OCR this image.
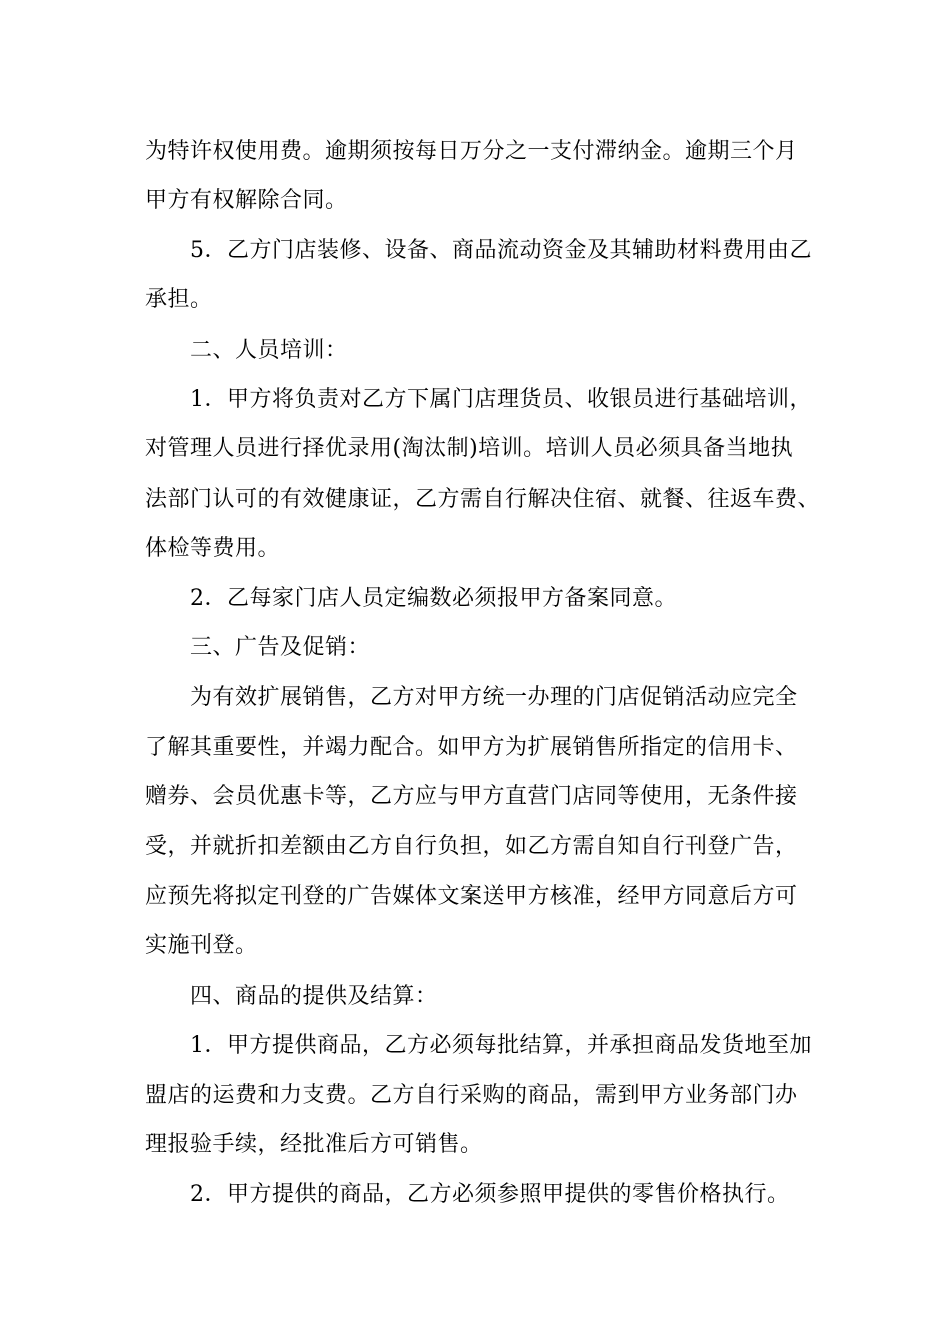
为特许权使用费。逾期须按每日万分之一支付滞纳金。逾期三个月
甲方有权解除合同。
5．乙方门店装修、设备、商品流动资金及其辅助材料费用由乙
承担。
二、人员培训：
1．甲方将负责对乙方下属门店理货员、收银员进行基础培训，
对管理人员进行择优录用(淘汰制)培训。培训人员必须具备当地执
法部门认可的有效健康证，乙方需自行解决住宿、就餐、往返车费、
体检等费用。
2．乙每家门店人员定编数必须报甲方备案同意。
三、广告及促销：
为有效扩展销售，乙方对甲方统一办理的门店促销活动应完全
了解其重要性，并竭力配合。如甲方为扩展销售所指定的信用卡、
赠券、会员优惠卡等，乙方应与甲方直营门店同等使用，无条件接
受，并就折扣差额由乙方自行负担，如乙方需自知自行刊登广告，
应预先将拟定刊登的广告媒体文案送甲方核准，经甲方同意后方可
实施刊登。
四、商品的提供及结算：
1．甲方提供商品，乙方必须每批结算，并承担商品发货地至加
盟店的运费和力支费。乙方自行采购的商品，需到甲方业务部门办
理报验手续，经批准后方可销售。
2．甲方提供的商品，乙方必须参照甲提供的零售价格执行。
